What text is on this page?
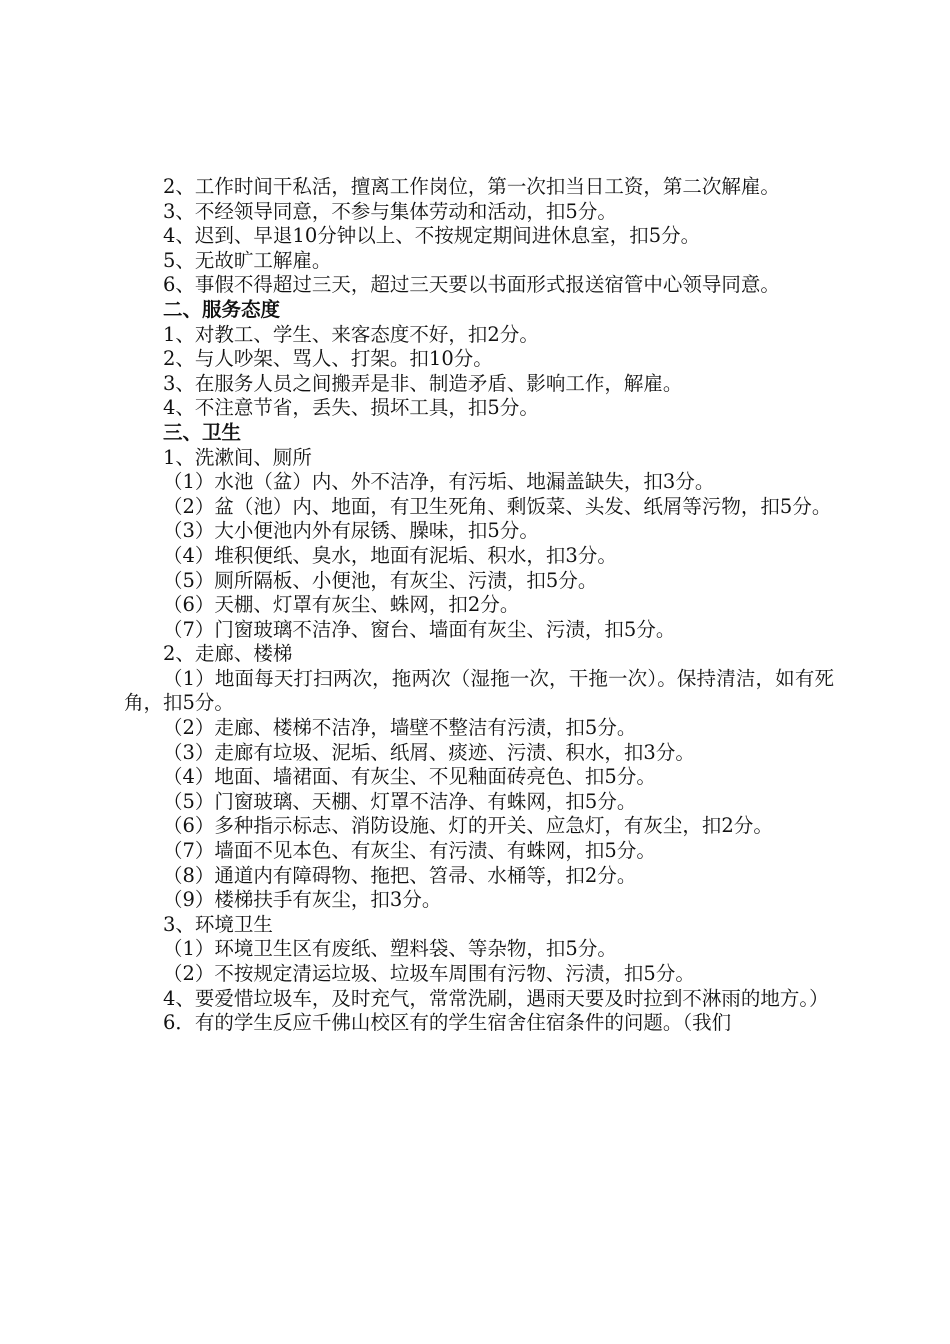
2、工作时间干私活，擅离工作岗位，第一次扣当日工资，第二次解雇。

3、不经领导同意，不参与集体劳动和活动，扣5分。

4、迟到、早退10分钟以上、不按规定期间进休息室，扣5分。

5、无故旷工解雇。

6、事假不得超过三天，超过三天要以书面形式报送宿管中心领导同意。

二、服务态度

1、对教工、学生、来客态度不好，扣2分。

2、与人吵架、骂人、打架。扣10分。

3、在服务人员之间搬弄是非、制造矛盾、影响工作，解雇。

4、不注意节省，丢失、损坏工具，扣5分。

三、卫生

1、洗漱间、厕所

（1）水池（盆）内、外不洁净，有污垢、地漏盖缺失，扣3分。

（2）盆（池）内、地面，有卫生死角、剩饭菜、头发、纸屑等污物，扣5分。

（3）大小便池内外有尿锈、臊味，扣5分。

（4）堆积便纸、臭水，地面有泥垢、积水，扣3分。

（5）厕所隔板、小便池，有灰尘、污渍，扣5分。

（6）天棚、灯罩有灰尘、蛛网，扣2分。

（7）门窗玻璃不洁净、窗台、墙面有灰尘、污渍，扣5分。

2、走廊、楼梯

（1）地面每天打扫两次，拖两次（湿拖一次，干拖一次）。保持清洁，如有死角，扣5分。

（2）走廊、楼梯不洁净，墙壁不整洁有污渍，扣5分。

（3）走廊有垃圾、泥垢、纸屑、痰迹、污渍、积水，扣3分。

（4）地面、墙裙面、有灰尘、不见釉面砖亮色、扣5分。

（5）门窗玻璃、天棚、灯罩不洁净、有蛛网，扣5分。

（6）多种指示标志、消防设施、灯的开关、应急灯，有灰尘，扣2分。

（7）墙面不见本色、有灰尘、有污渍、有蛛网，扣5分。

（8）通道内有障碍物、拖把、笤帚、水桶等，扣2分。

（9）楼梯扶手有灰尘，扣3分。

3、环境卫生

（1）环境卫生区有废纸、塑料袋、等杂物，扣5分。

（2）不按规定清运垃圾、垃圾车周围有污物、污渍，扣5分。

4、要爱惜垃圾车，及时充气，常常洗刷，遇雨天要及时拉到不淋雨的地方。）

6．有的学生反应千佛山校区有的学生宿舍住宿条件的问题。（我们
